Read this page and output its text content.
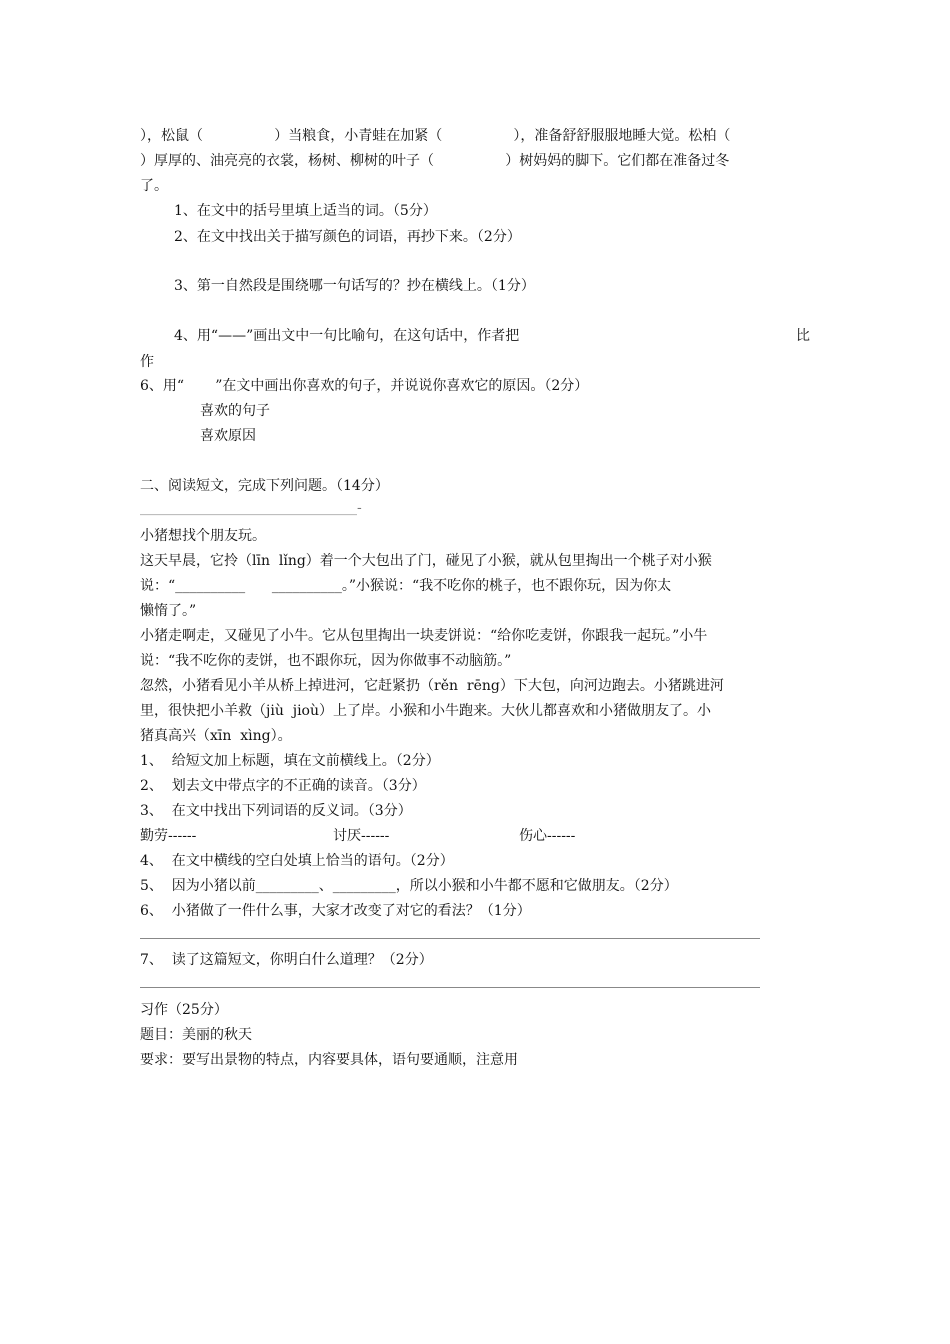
），松鼠（                ）当粮食，小青蛙在加紧（                ），准备舒舒服服地睡大觉。松柏（
）厚厚的、油亮亮的衣裳，杨树、柳树的叶子（                ）树妈妈的脚下。它们都在准备过冬
了。
1、在文中的括号里填上适当的词。（5分）
2、在文中找出关于描写颜色的词语，再抄下来。（2分）
3、第一自然段是围绕哪一句话写的？抄在横线上。（1分）
4、用“——”画出文中一句比喻句，在这句话中，作者把	比
作
6、用“       ”在文中画出你喜欢的句子，并说说你喜欢它的原因。（2分）
喜欢的句子
喜欢原因
二、阅读短文，完成下列问题。（14分）
_______________________________-
小猪想找个朋友玩。
这天早晨，它拎（līn  lǐng）着一个大包出了门，碰见了小猴，就从包里掏出一个桃子对小猴
说：“__________      __________。”小猴说：“我不吃你的桃子，也不跟你玩，因为你太
懒惰了。”
小猪走啊走，又碰见了小牛。它从包里掏出一块麦饼说：“给你吃麦饼，你跟我一起玩。”小牛
说：“我不吃你的麦饼，也不跟你玩，因为你做事不动脑筋。”
忽然，小猪看见小羊从桥上掉进河，它赶紧扔（rěn  rēng）下大包，向河边跑去。小猪跳进河
里，很快把小羊救（jiù  jioù）上了岸。小猴和小牛跑来。大伙儿都喜欢和小猪做朋友了。小
猪真高兴（xīn  xìng）。
1、  给短文加上标题，填在文前横线上。（2分）
2、  划去文中带点字的不正确的读音。（3分）
3、  在文中找出下列词语的反义词。（3分）
勤劳------	讨厌------	伤心------
4、  在文中横线的空白处填上恰当的语句。（2分）
5、  因为小猪以前_________、_________，所以小猴和小牛都不愿和它做朋友。（2分）
6、  小猪做了一件什么事，大家才改变了对它的看法？（1分）
7、  读了这篇短文，你明白什么道理？（2分）
习作（25分）
题目：美丽的秋天
要求：要写出景物的特点，内容要具体，语句要通顺，注意用
